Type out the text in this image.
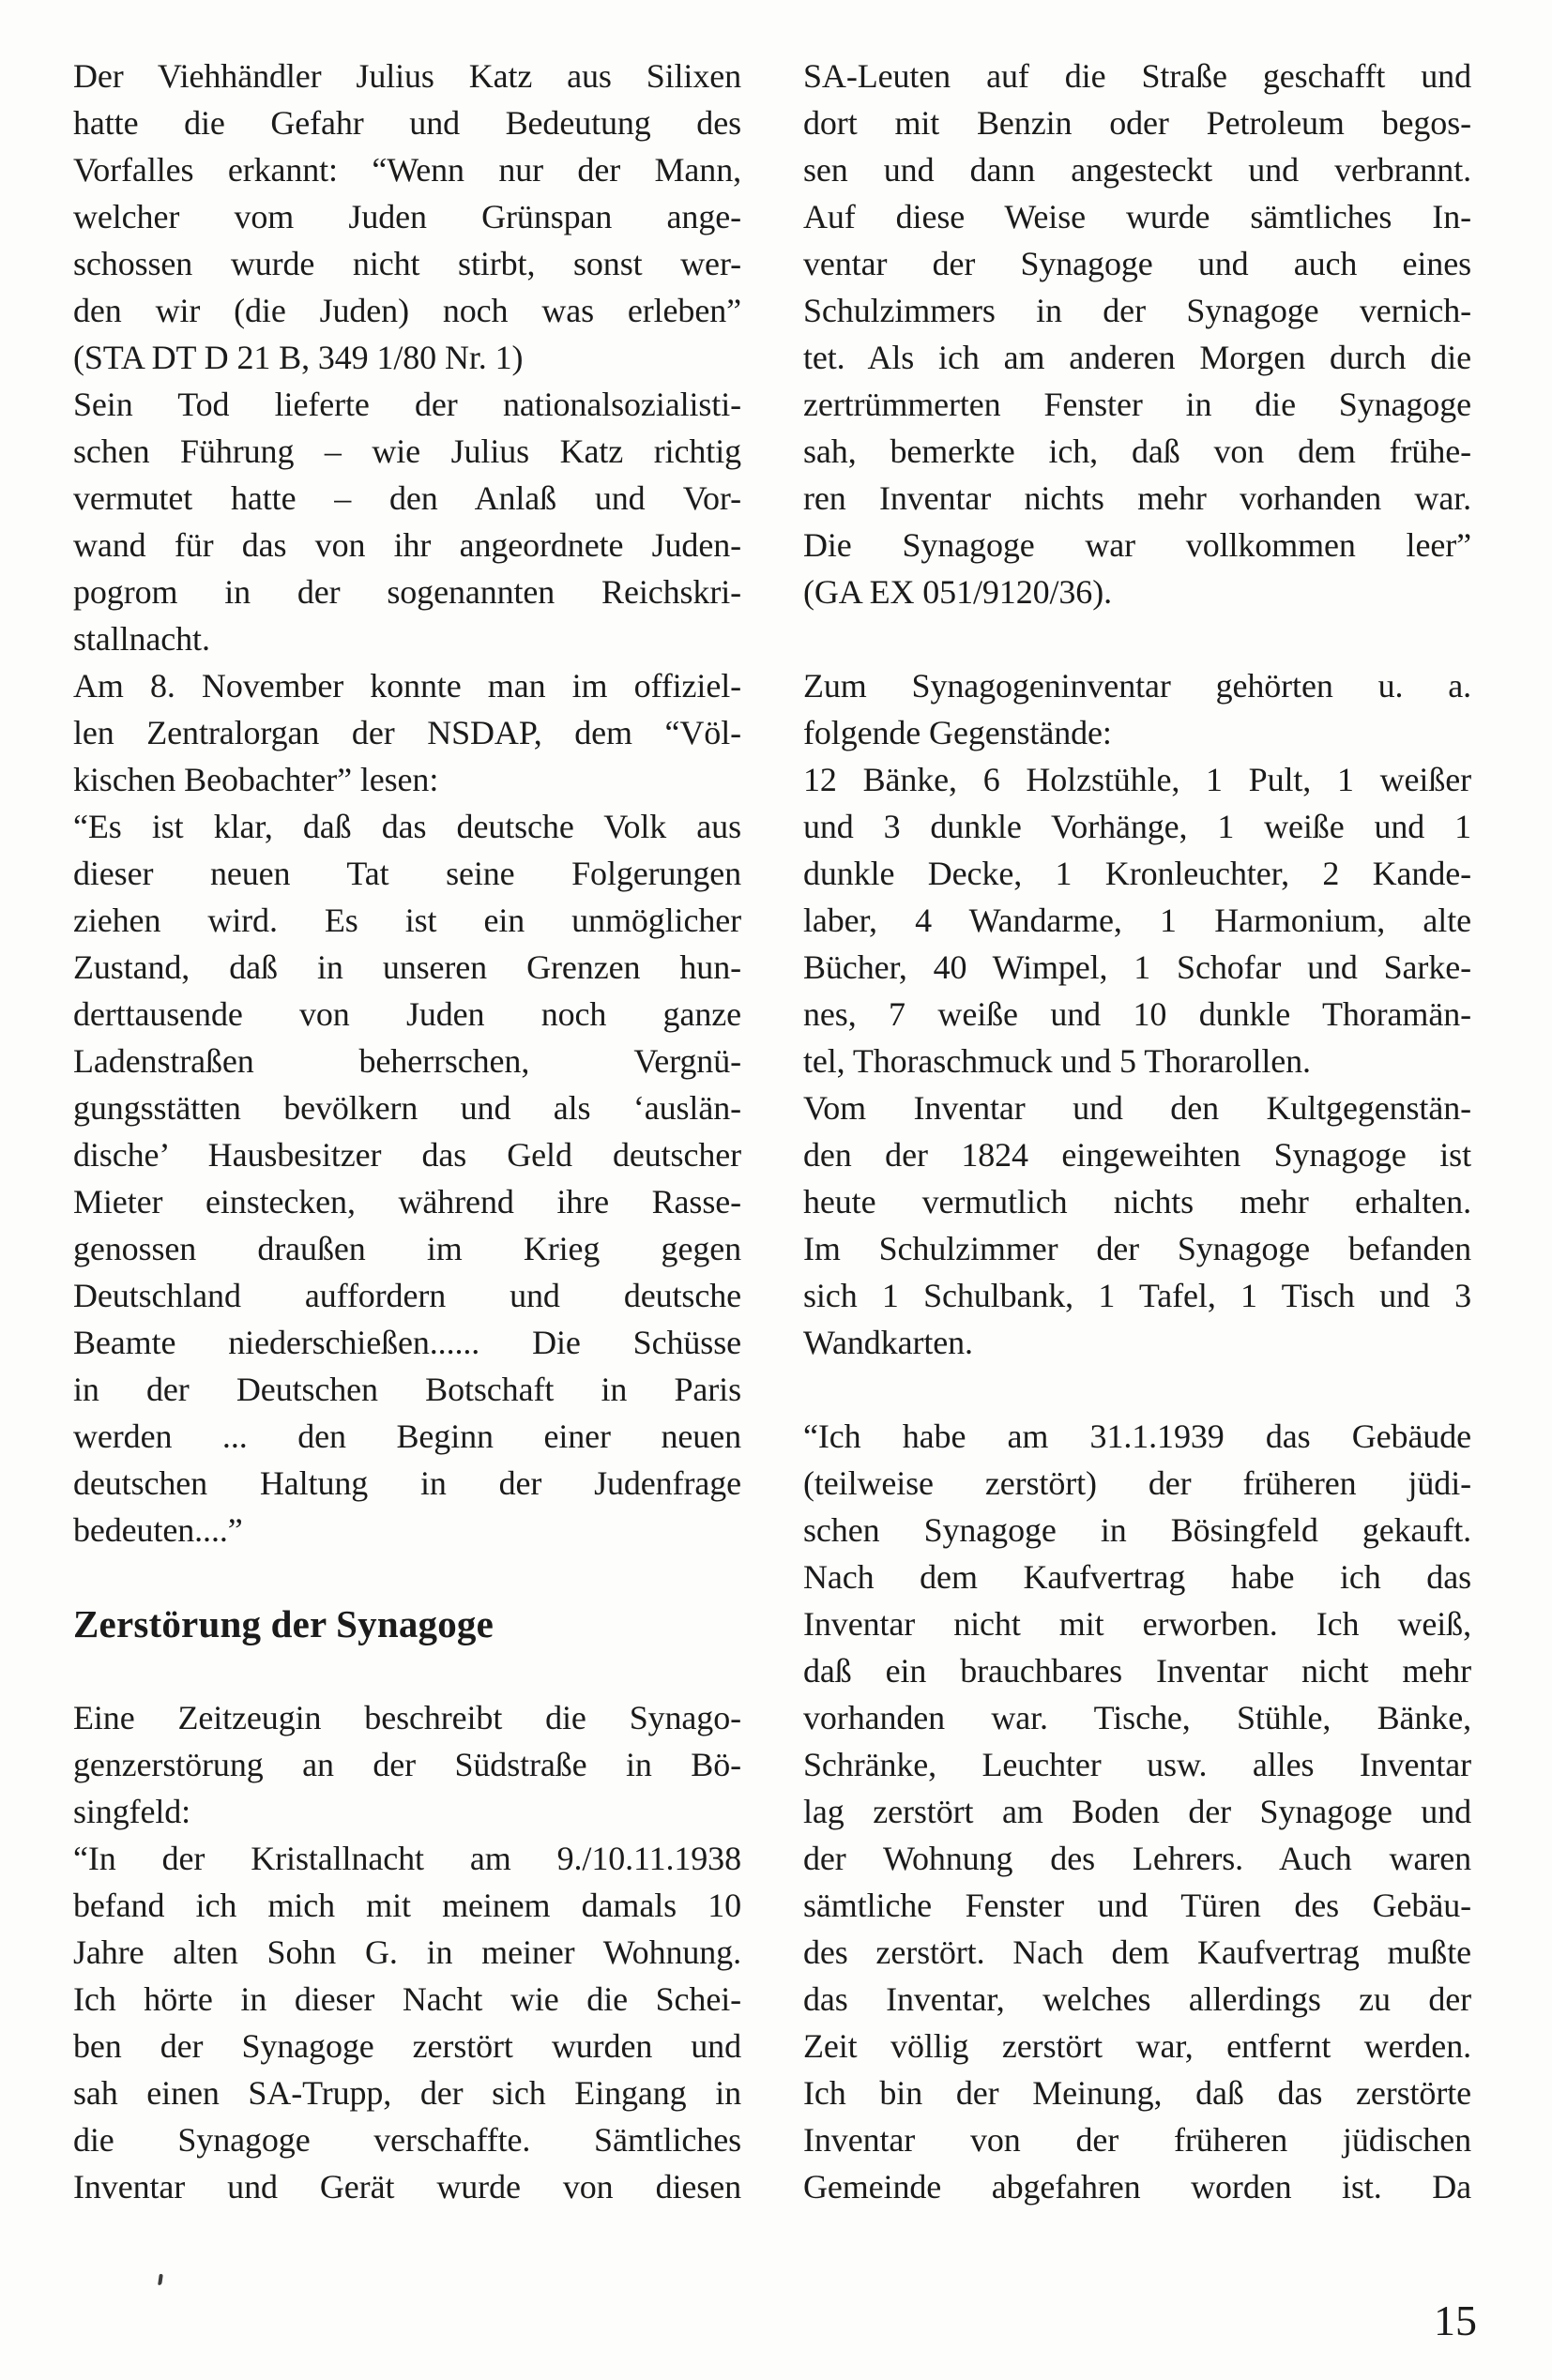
Der Viehhändler Julius Katz aus Silixen
hatte die Gefahr und Bedeutung des
Vorfalles erkannt: “Wenn nur der Mann,
welcher vom Juden Grünspan ange-
schossen wurde nicht stirbt, sonst wer-
den wir (die Juden) noch was erleben”
(STA DT D 21 B, 349 1/80 Nr. 1)
Sein Tod lieferte der nationalsozialisti-
schen Führung – wie Julius Katz richtig
vermutet hatte – den Anlaß und Vor-
wand für das von ihr angeordnete Juden-
pogrom in der sogenannten Reichskri-
stallnacht.
Am 8. November konnte man im offiziel-
len Zentralorgan der NSDAP, dem “Völ-
kischen Beobachter” lesen:
“Es ist klar, daß das deutsche Volk aus
dieser neuen Tat seine Folgerungen
ziehen wird. Es ist ein unmöglicher
Zustand, daß in unseren Grenzen hun-
derttausende von Juden noch ganze
Ladenstraßen beherrschen, Vergnü-
gungsstätten bevölkern und als ‘auslän-
dische’ Hausbesitzer das Geld deutscher
Mieter einstecken, während ihre Rasse-
genossen draußen im Krieg gegen
Deutschland auffordern und deutsche
Beamte niederschießen...... Die Schüsse
in der Deutschen Botschaft in Paris
werden ... den Beginn einer neuen
deutschen Haltung in der Judenfrage
bedeuten....”
Zerstörung der Synagoge
Eine Zeitzeugin beschreibt die Synago-
genzerstörung an der Südstraße in Bö-
singfeld:
“In der Kristallnacht am 9./10.11.1938
befand ich mich mit meinem damals 10
Jahre alten Sohn G. in meiner Wohnung.
Ich hörte in dieser Nacht wie die Schei-
ben der Synagoge zerstört wurden und
sah einen SA-Trupp, der sich Eingang in
die Synagoge verschaffte. Sämtliches
Inventar und Gerät wurde von diesen
SA-Leuten auf die Straße geschafft und
dort mit Benzin oder Petroleum begos-
sen und dann angesteckt und verbrannt.
Auf diese Weise wurde sämtliches In-
ventar der Synagoge und auch eines
Schulzimmers in der Synagoge vernich-
tet. Als ich am anderen Morgen durch die
zertrümmerten Fenster in die Synagoge
sah, bemerkte ich, daß von dem frühe-
ren Inventar nichts mehr vorhanden war.
Die Synagoge war vollkommen leer”
(GA EX 051/9120/36).
Zum Synagogeninventar gehörten u. a.
folgende Gegenstände:
12 Bänke, 6 Holzstühle, 1 Pult, 1 weißer
und 3 dunkle Vorhänge, 1 weiße und 1
dunkle Decke, 1 Kronleuchter, 2 Kande-
laber, 4 Wandarme, 1 Harmonium, alte
Bücher, 40 Wimpel, 1 Schofar und Sarke-
nes, 7 weiße und 10 dunkle Thoramän-
tel, Thoraschmuck und 5 Thorarollen.
Vom Inventar und den Kultgegenstän-
den der 1824 eingeweihten Synagoge ist
heute vermutlich nichts mehr erhalten.
Im Schulzimmer der Synagoge befanden
sich 1 Schulbank, 1 Tafel, 1 Tisch und 3
Wandkarten.
“Ich habe am 31.1.1939 das Gebäude
(teilweise zerstört) der früheren jüdi-
schen Synagoge in Bösingfeld gekauft.
Nach dem Kaufvertrag habe ich das
Inventar nicht mit erworben. Ich weiß,
daß ein brauchbares Inventar nicht mehr
vorhanden war. Tische, Stühle, Bänke,
Schränke, Leuchter usw. alles Inventar
lag zerstört am Boden der Synagoge und
der Wohnung des Lehrers. Auch waren
sämtliche Fenster und Türen des Gebäu-
des zerstört. Nach dem Kaufvertrag mußte
das Inventar, welches allerdings zu der
Zeit völlig zerstört war, entfernt werden.
Ich bin der Meinung, daß das zerstörte
Inventar von der früheren jüdischen
Gemeinde abgefahren worden ist. Da
15
